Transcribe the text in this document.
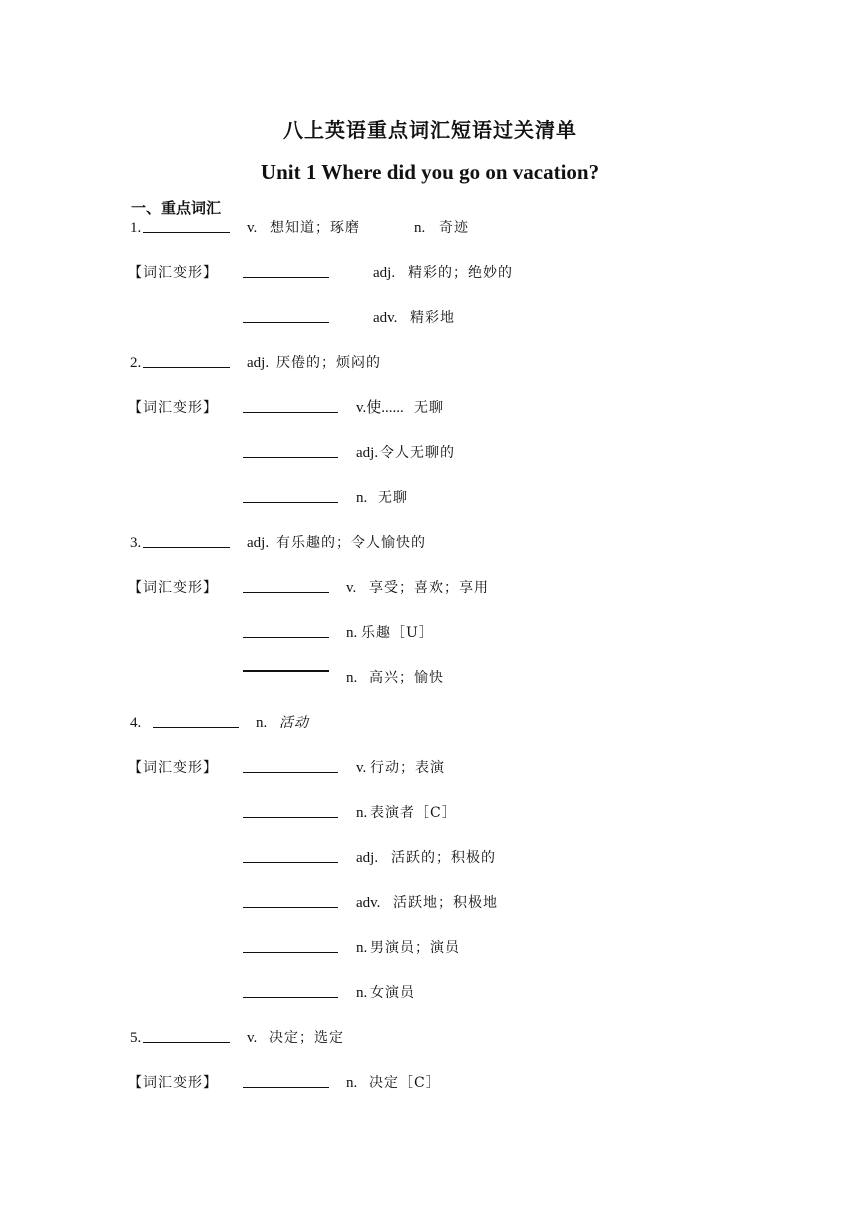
八上英语重点词汇短语过关清单
Unit 1 Where did you go on vacation?
一、重点词汇
1.	v. 想知道；琢磨	n. 奇迹
【词汇变形】	adj. 精彩的；绝妙的
adv. 精彩地
2.	adj. 厌倦的；烦闷的
【词汇变形】	v.使...... 无聊
adj. 令人无聊的
n. 无聊
3.	adj. 有乐趣的；令人愉快的
【词汇变形】	v. 享受；喜欢；享用
n. 乐趣［U］
n. 高兴；愉快
4.	n. 活动
【词汇变形】	v. 行动；表演
n. 表演者［C］
adj. 活跃的；积极的
adv. 活跃地；积极地
n. 男演员；演员
n. 女演员
5.	v. 决定；选定
【词汇变形】	n. 决定［C］
